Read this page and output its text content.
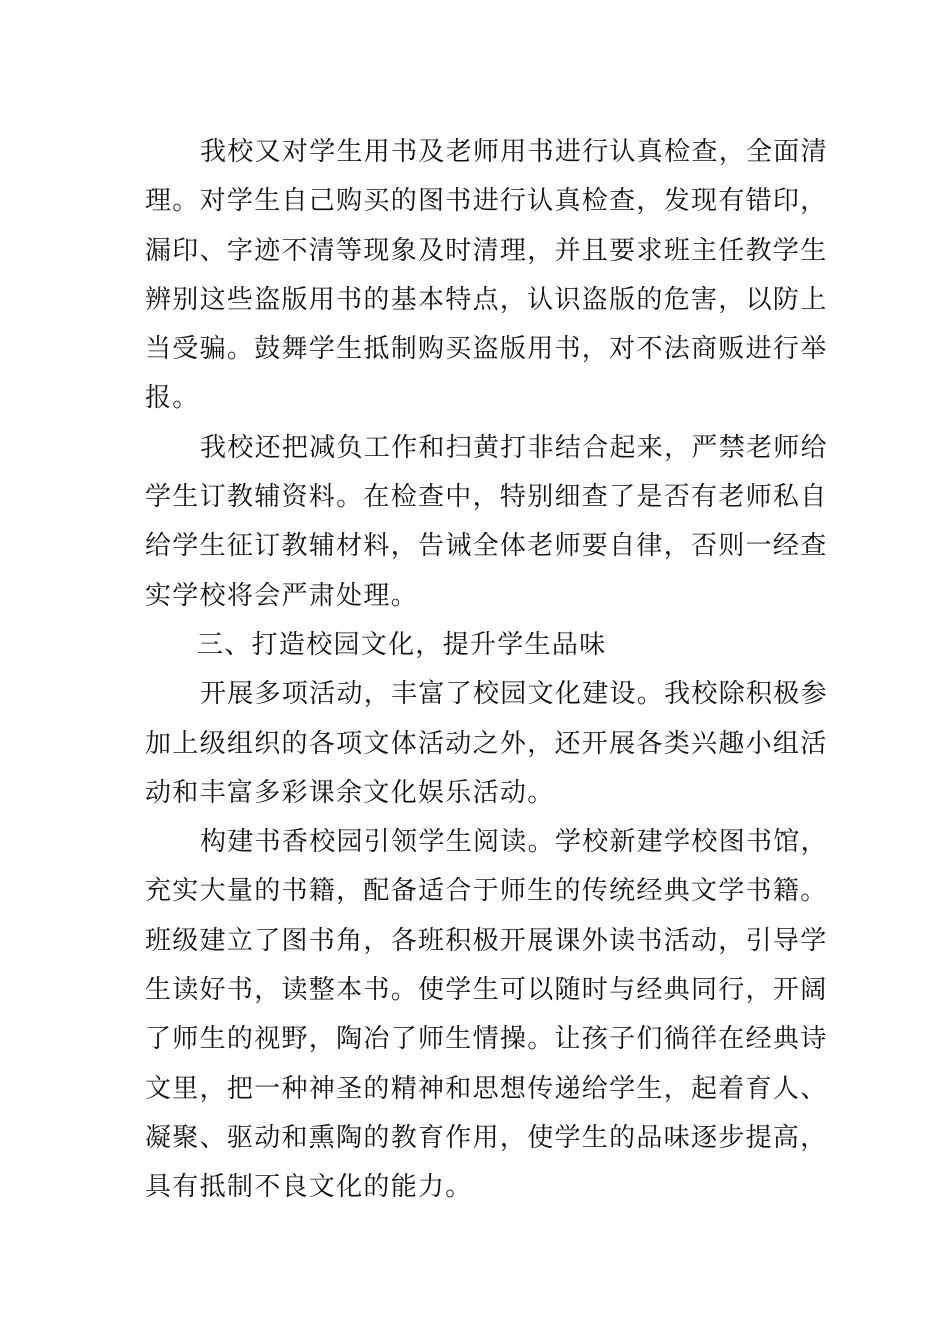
我校又对学生用书及老师用书进行认真检查，全面清
理。对学生自己购买的图书进行认真检查，发现有错印，
漏印、字迹不清等现象及时清理，并且要求班主任教学生
辨别这些盗版用书的基本特点，认识盗版的危害，以防上
当受骗。鼓舞学生抵制购买盗版用书，对不法商贩进行举
报。

我校还把减负工作和扫黄打非结合起来，严禁老师给
学生订教辅资料。在检查中，特别细查了是否有老师私自
给学生征订教辅材料，告诫全体老师要自律，否则一经查
实学校将会严肃处理。

三、打造校园文化，提升学生品味

开展多项活动，丰富了校园文化建设。我校除积极参
加上级组织的各项文体活动之外，还开展各类兴趣小组活
动和丰富多彩课余文化娱乐活动。

构建书香校园引领学生阅读。学校新建学校图书馆，
充实大量的书籍，配备适合于师生的传统经典文学书籍。
班级建立了图书角，各班积极开展课外读书活动，引导学
生读好书，读整本书。使学生可以随时与经典同行，开阔
了师生的视野，陶冶了师生情操。让孩子们徜徉在经典诗
文里，把一种神圣的精神和思想传递给学生，起着育人、
凝聚、驱动和熏陶的教育作用，使学生的品味逐步提高，
具有抵制不良文化的能力。
